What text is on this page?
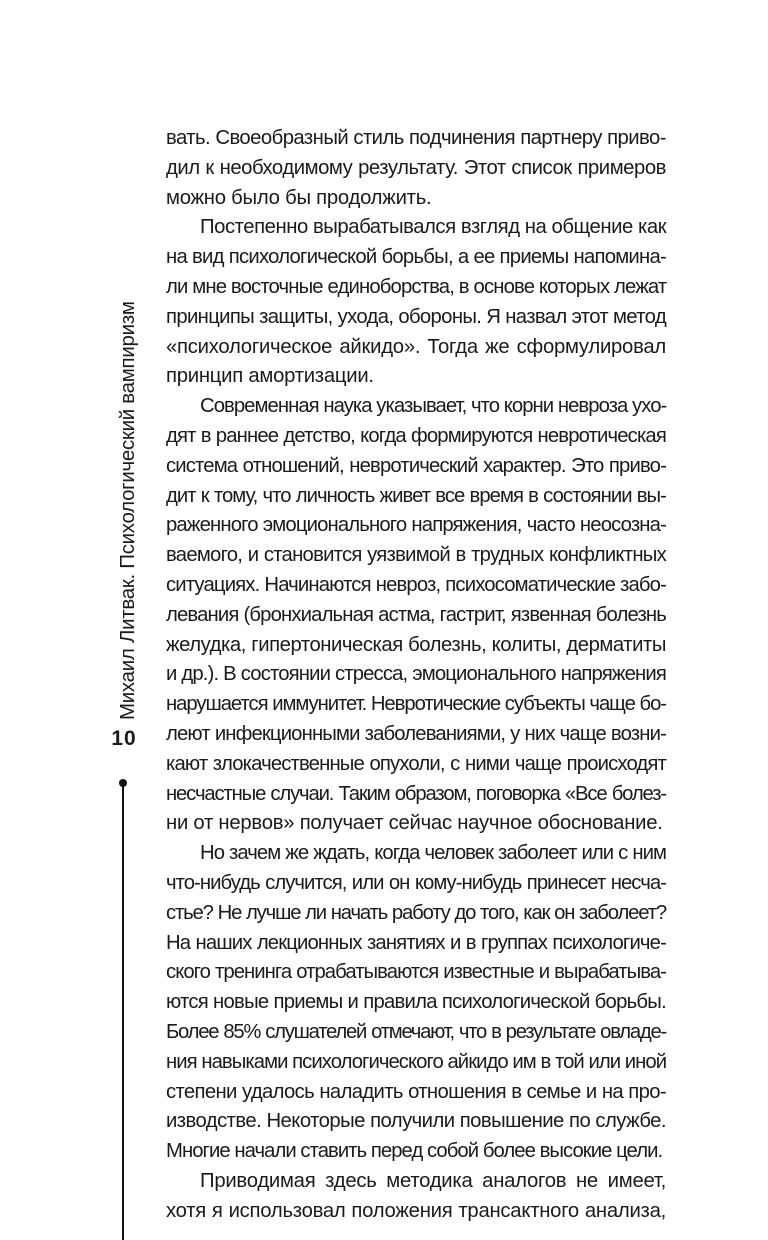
Михаил Литвак. Психологический вампиризм
10
вать. Своеобразный стиль подчинения партнеру приво-
дил к необходимому результату. Этот список примеров
можно было бы продолжить.
Постепенно вырабатывался взгляд на общение как
на вид психологической борьбы, а ее приемы напомина-
ли мне восточные единоборства, в основе которых лежат
принципы защиты, ухода, обороны. Я назвал этот метод
«психологическое айкидо». Тогда же сформулировал
принцип амортизации.
Современная наука указывает, что корни невроза ухо-
дят в раннее детство, когда формируются невротическая
система отношений, невротический характер. Это приво-
дит к тому, что личность живет все время в состоянии вы-
раженного эмоционального напряжения, часто неосозна-
ваемого, и становится уязвимой в трудных конфликтных
ситуациях. Начинаются невроз, психосоматические забо-
левания (бронхиальная астма, гастрит, язвенная болезнь
желудка, гипертоническая болезнь, колиты, дерматиты
и др.). В состоянии стресса, эмоционального напряжения
нарушается иммунитет. Невротические субъекты чаще бо-
леют инфекционными заболеваниями, у них чаще возни-
кают злокачественные опухоли, с ними чаще происходят
несчастные случаи. Таким образом, поговорка «Все болез-
ни от нервов» получает сейчас научное обоснование.
Но зачем же ждать, когда человек заболеет или с ним
что-нибудь случится, или он кому-нибудь принесет несча-
стье? Не лучше ли начать работу до того, как он заболеет?
На наших лекционных занятиях и в группах психологиче-
ского тренинга отрабатываются известные и вырабатыва-
ются новые приемы и правила психологической борьбы.
Более 85% слушателей отмечают, что в результате овладе-
ния навыками психологического айкидо им в той или иной
степени удалось наладить отношения в семье и на про-
изводстве. Некоторые получили повышение по службе.
Многие начали ставить перед собой более высокие цели.
Приводимая здесь методика аналогов не имеет,
хотя я использовал положения трансактного анализа,
